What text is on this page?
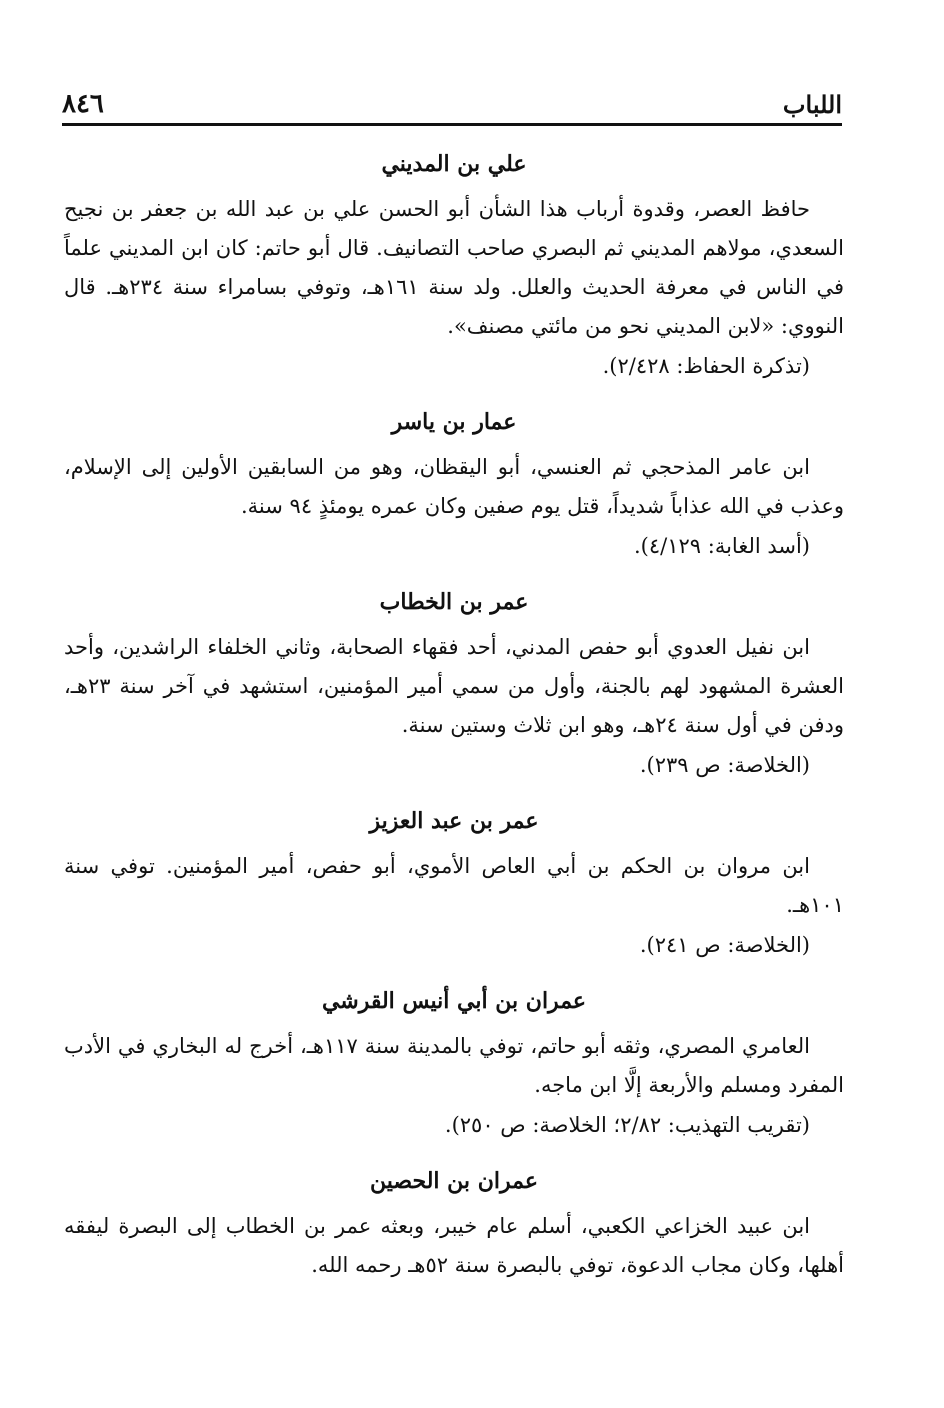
اللباب
٨٤٦
علي بن المديني

حافظ العصر، وقدوة أرباب هذا الشأن أبو الحسن علي بن عبد الله بن جعفر بن نجيح السعدي، مولاهم المديني ثم البصري صاحب التصانيف. قال أبو حاتم: كان ابن المديني علماً في الناس في معرفة الحديث والعلل. ولد سنة ١٦١هـ، وتوفي بسامراء سنة ٢٣٤هـ. قال النووي: «لابن المديني نحو من مائتي مصنف».

(تذكرة الحفاظ: ٢/٤٢٨).

عمار بن ياسر

ابن عامر المذحجي ثم العنسي، أبو اليقظان، وهو من السابقين الأولين إلى الإسلام، وعذب في الله عذاباً شديداً، قتل يوم صفين وكان عمره يومئذٍ ٩٤ سنة.

(أسد الغابة: ٤/١٢٩).

عمر بن الخطاب

ابن نفيل العدوي أبو حفص المدني، أحد فقهاء الصحابة، وثاني الخلفاء الراشدين، وأحد العشرة المشهود لهم بالجنة، وأول من سمي أمير المؤمنين، استشهد في آخر سنة ٢٣هـ، ودفن في أول سنة ٢٤هـ، وهو ابن ثلاث وستين سنة.

(الخلاصة: ص ٢٣٩).

عمر بن عبد العزيز

ابن مروان بن الحكم بن أبي العاص الأموي، أبو حفص، أمير المؤمنين. توفي سنة ١٠١هـ.

(الخلاصة: ص ٢٤١).

عمران بن أبي أنيس القرشي

العامري المصري، وثقه أبو حاتم، توفي بالمدينة سنة ١١٧هـ، أخرج له البخاري في الأدب المفرد ومسلم والأربعة إلَّا ابن ماجه.

(تقريب التهذيب: ٢/٨٢؛ الخلاصة: ص ٢٥٠).

عمران بن الحصين

ابن عبيد الخزاعي الكعبي، أسلم عام خيبر، وبعثه عمر بن الخطاب إلى البصرة ليفقه أهلها، وكان مجاب الدعوة، توفي بالبصرة سنة ٥٢هـ رحمه الله.
